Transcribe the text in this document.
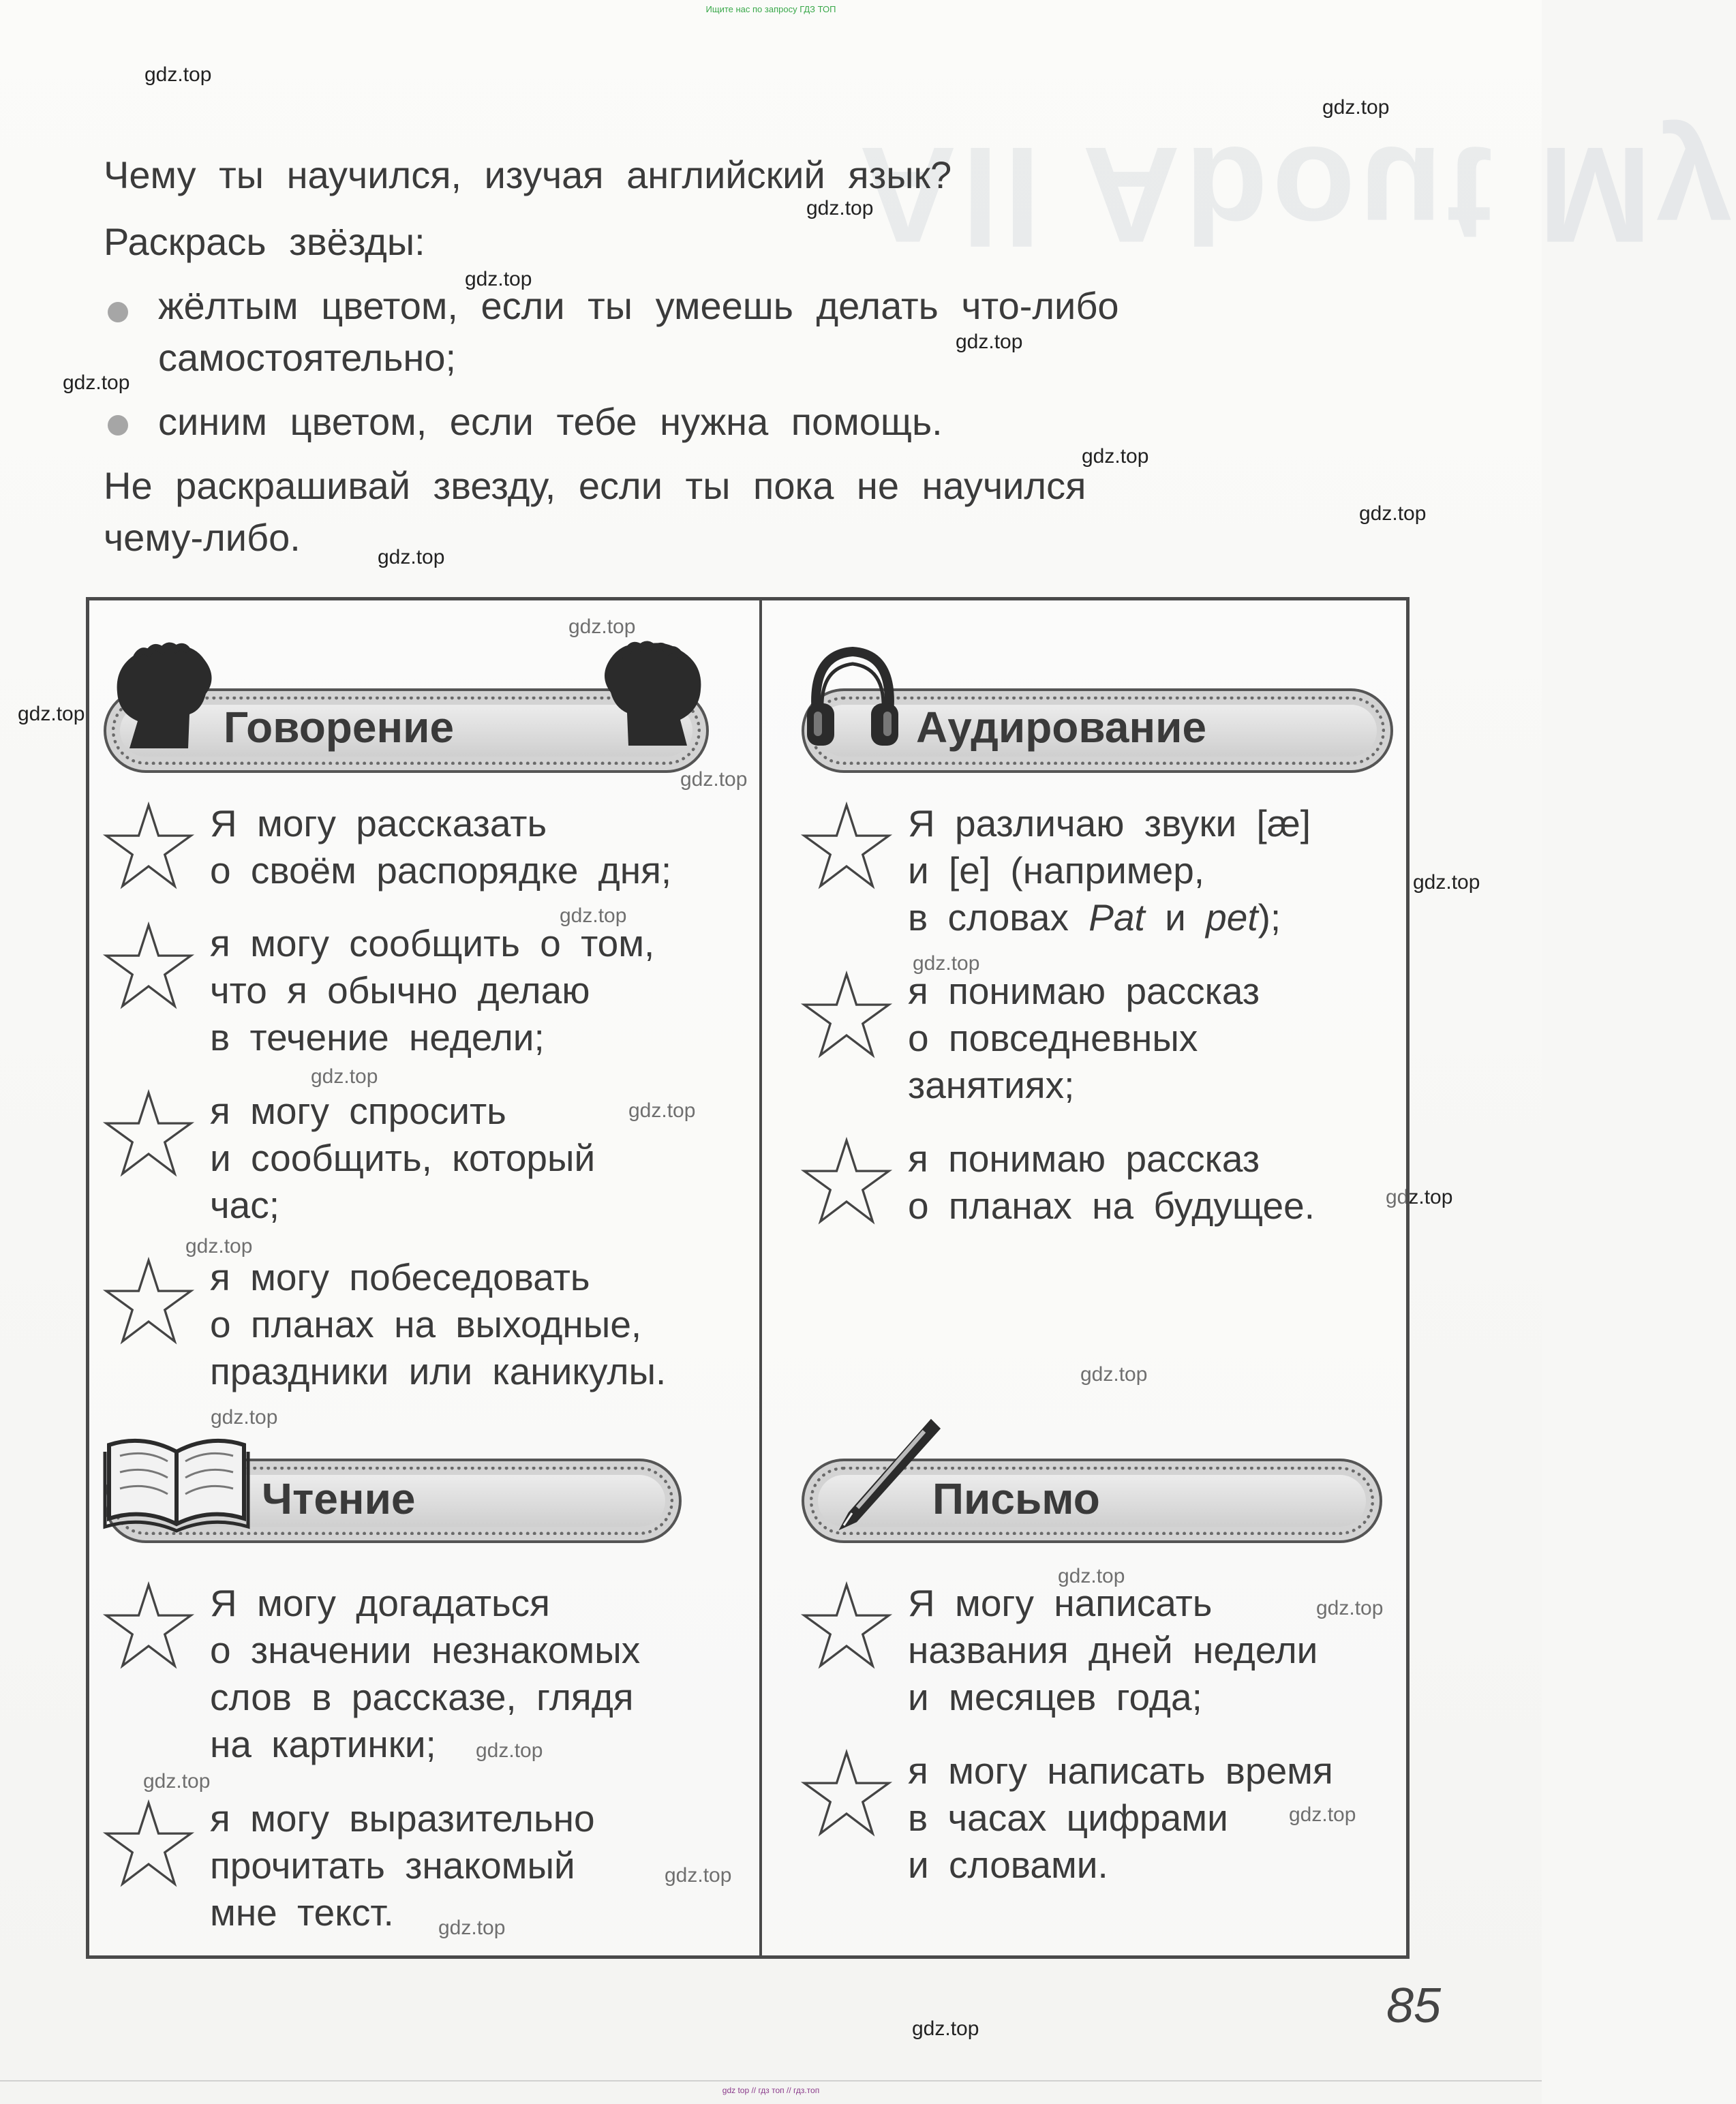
All About My
Ищите нас по запросу ГДЗ ТОП
gdz.top
gdz.top
gdz.top
gdz.top
gdz.top
gdz.top
gdz.top
gdz.top
gdz.top
gdz.top
gdz.top
gdz.top
gdz.top
gdz.top
gdz.top
gdz.top
gdz.top
gdz.top
gdz.top
gdz.top
gdz.top
gdz.top
gdz.top
gdz.top
gdz.top
gdz.top
gdz.top
gdz.top
gdz.top

Чему ты научился, изучая английский язык?

Раскрась звёзды:

жёлтым цветом, если ты умеешь делать что-либо
самостоятельно;

синим цветом, если тебе нужна помощь.

Не раскрашивай звезду, если ты пока не научился
чему-либо.

Говорение
Я могу рассказать
о своём распорядке дня;
я могу сообщить о том,
что я обычно делаю
в течение недели;
я могу спросить
и сообщить, который
час;
я могу побеседовать
о планах на выходные,
праздники или каникулы.
Аудирование
Я различаю звуки [æ]
и [e] (например,
в словах Pat и pet);
я понимаю рассказ
о повседневных
занятиях;
я понимаю рассказ
о планах на будущее.
Чтение
Я могу догадаться
о значении незнакомых
слов в рассказе, глядя
на картинки;
я могу выразительно
прочитать знакомый
мне текст.
Письмо
Я могу написать
названия дней недели
и месяцев года;
я могу написать время
в часах цифрами
и словами.
85
gdz top // гдз топ // гдз.топ
